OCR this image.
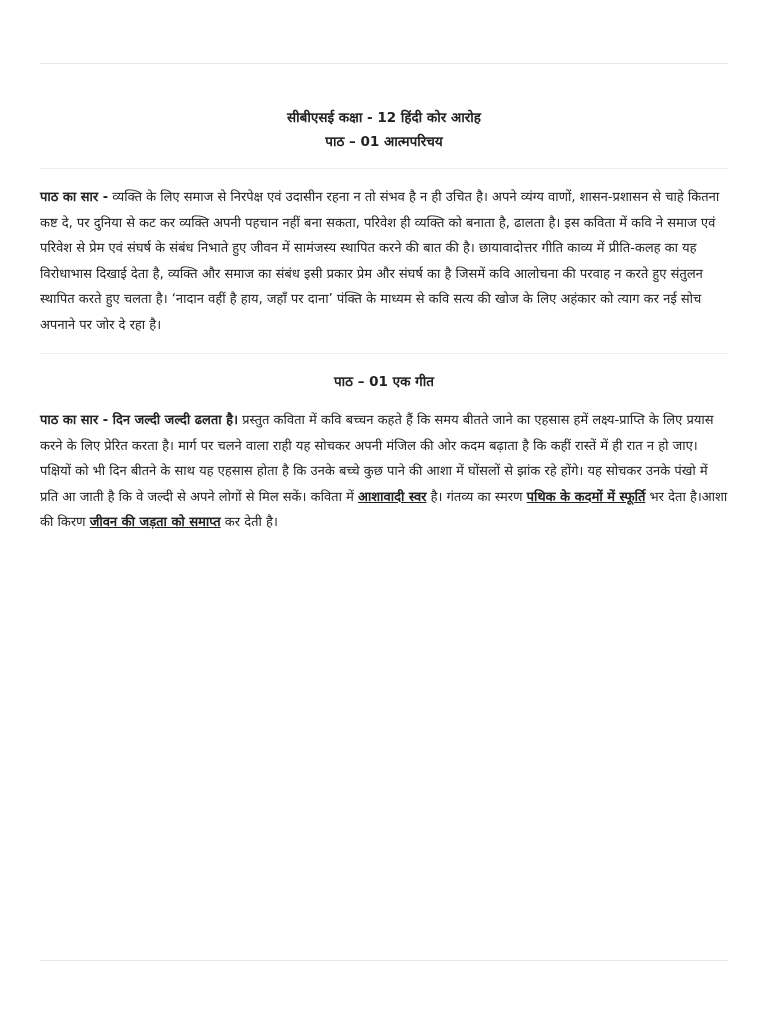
सीबीएसई कक्षा - 12 हिंदी कोर आरोह
पाठ – 01 आत्मपरिचय
पाठ का सार - व्यक्ति के लिए समाज से निरपेक्ष एवं उदासीन रहना न तो संभव है न ही उचित है। अपने व्यंग्य वाणों, शासन-प्रशासन से चाहे कितना कष्ट दे, पर दुनिया से कट कर व्यक्ति अपनी पहचान नहीं बना सकता, परिवेश ही व्यक्ति को बनाता है, ढालता है। इस कविता में कवि ने समाज एवं परिवेश से प्रेम एवं संघर्ष के संबंध निभाते हुए जीवन में सामंजस्य स्थापित करने की बात की है। छायावादोत्तर गीति काव्य में प्रीति-कलह का यह विरोधाभास दिखाई देता है, व्यक्ति और समाज का संबंध इसी प्रकार प्रेम और संघर्ष का है जिसमें कवि आलोचना की परवाह न करते हुए संतुलन स्थापित करते हुए चलता है। ‘नादान वहीं है हाय, जहाँ पर दाना’ पंक्ति के माध्यम से कवि सत्य की खोज के लिए अहंकार को त्याग कर नई सोच अपनाने पर जोर दे रहा है।
पाठ – 01 एक गीत
पाठ का सार - दिन जल्दी जल्दी ढलता है। प्रस्तुत कविता में कवि बच्चन कहते हैं कि समय बीतते जाने का एहसास हमें लक्ष्य-प्राप्ति के लिए प्रयास करने के लिए प्रेरित करता है। मार्ग पर चलने वाला राही यह सोचकर अपनी मंजिल की ओर कदम बढ़ाता है कि कहीं रास्तें में ही रात न हो जाए। पक्षियों को भी दिन बीतने के साथ यह एहसास होता है कि उनके बच्चे कुछ पाने की आशा में घोंसलों से झांक रहे होंगे। यह सोचकर उनके पंखो में प्रति आ जाती है कि वे जल्दी से अपने लोगों से मिल सकें। कविता में आशावादी स्वर है। गंतव्य का स्मरण पथिक के कदमों में स्फूर्ति भर देता है।आशा की किरण जीवन की जड़ता को समाप्त कर देती है।
